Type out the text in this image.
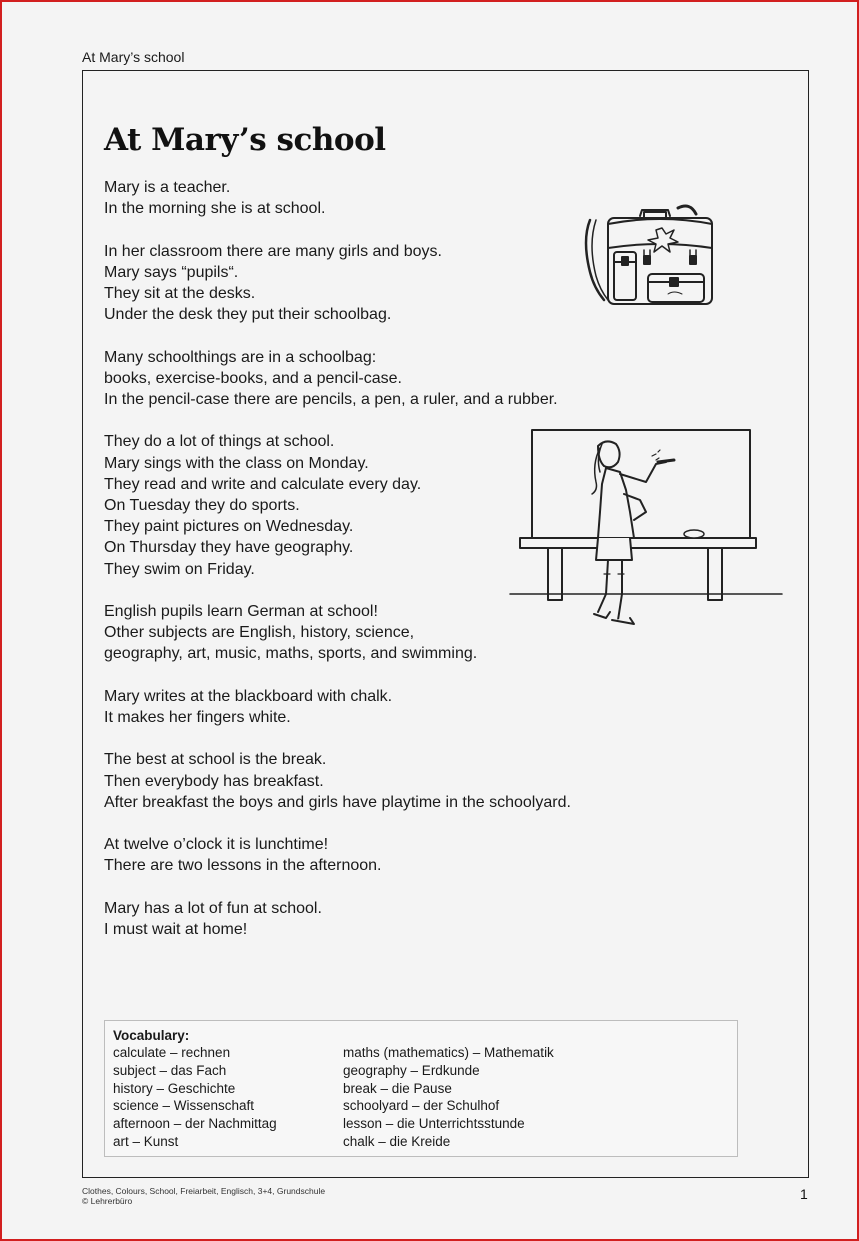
At Mary’s school
At Mary’s school

Mary is a teacher.
In the morning she is at school.

In her classroom there are many girls and boys.
Mary says “pupils“.
They sit at the desks.
Under the desk they put their schoolbag.

Many schoolthings are in a schoolbag:
books, exercise-books, and a pencil-case.
In the pencil-case there are pencils, a pen, a ruler, and a rubber.

They do a lot of things at school.
Mary sings with the class on Monday.
They read and write and calculate every day.
On Tuesday they do sports.
They paint pictures on Wednesday.
On Thursday they have geography.
They swim on Friday.

English pupils learn German at school!
Other subjects are English, history, science,
geography, art, music, maths, sports, and swimming.

Mary writes at the blackboard with chalk.
It makes her fingers white.

The best at school is the break.
Then everybody has breakfast.
After breakfast the boys and girls have playtime in the schoolyard.

At twelve o’clock it is lunchtime!
There are two lessons in the afternoon.

Mary has a lot of fun at school.
I must wait at home!

Vocabulary:
calculate – rechnen
subject – das Fach
history – Geschichte
science – Wissenschaft
afternoon – der Nachmittag
art – Kunst
maths (mathematics) – Mathematik
geography – Erdkunde
break – die Pause
schoolyard – der Schulhof
lesson – die Unterrichtsstunde
chalk – die Kreide
Clothes, Colours, School, Freiarbeit, Englisch, 3+4, Grundschule
© Lehrerbüro	1
